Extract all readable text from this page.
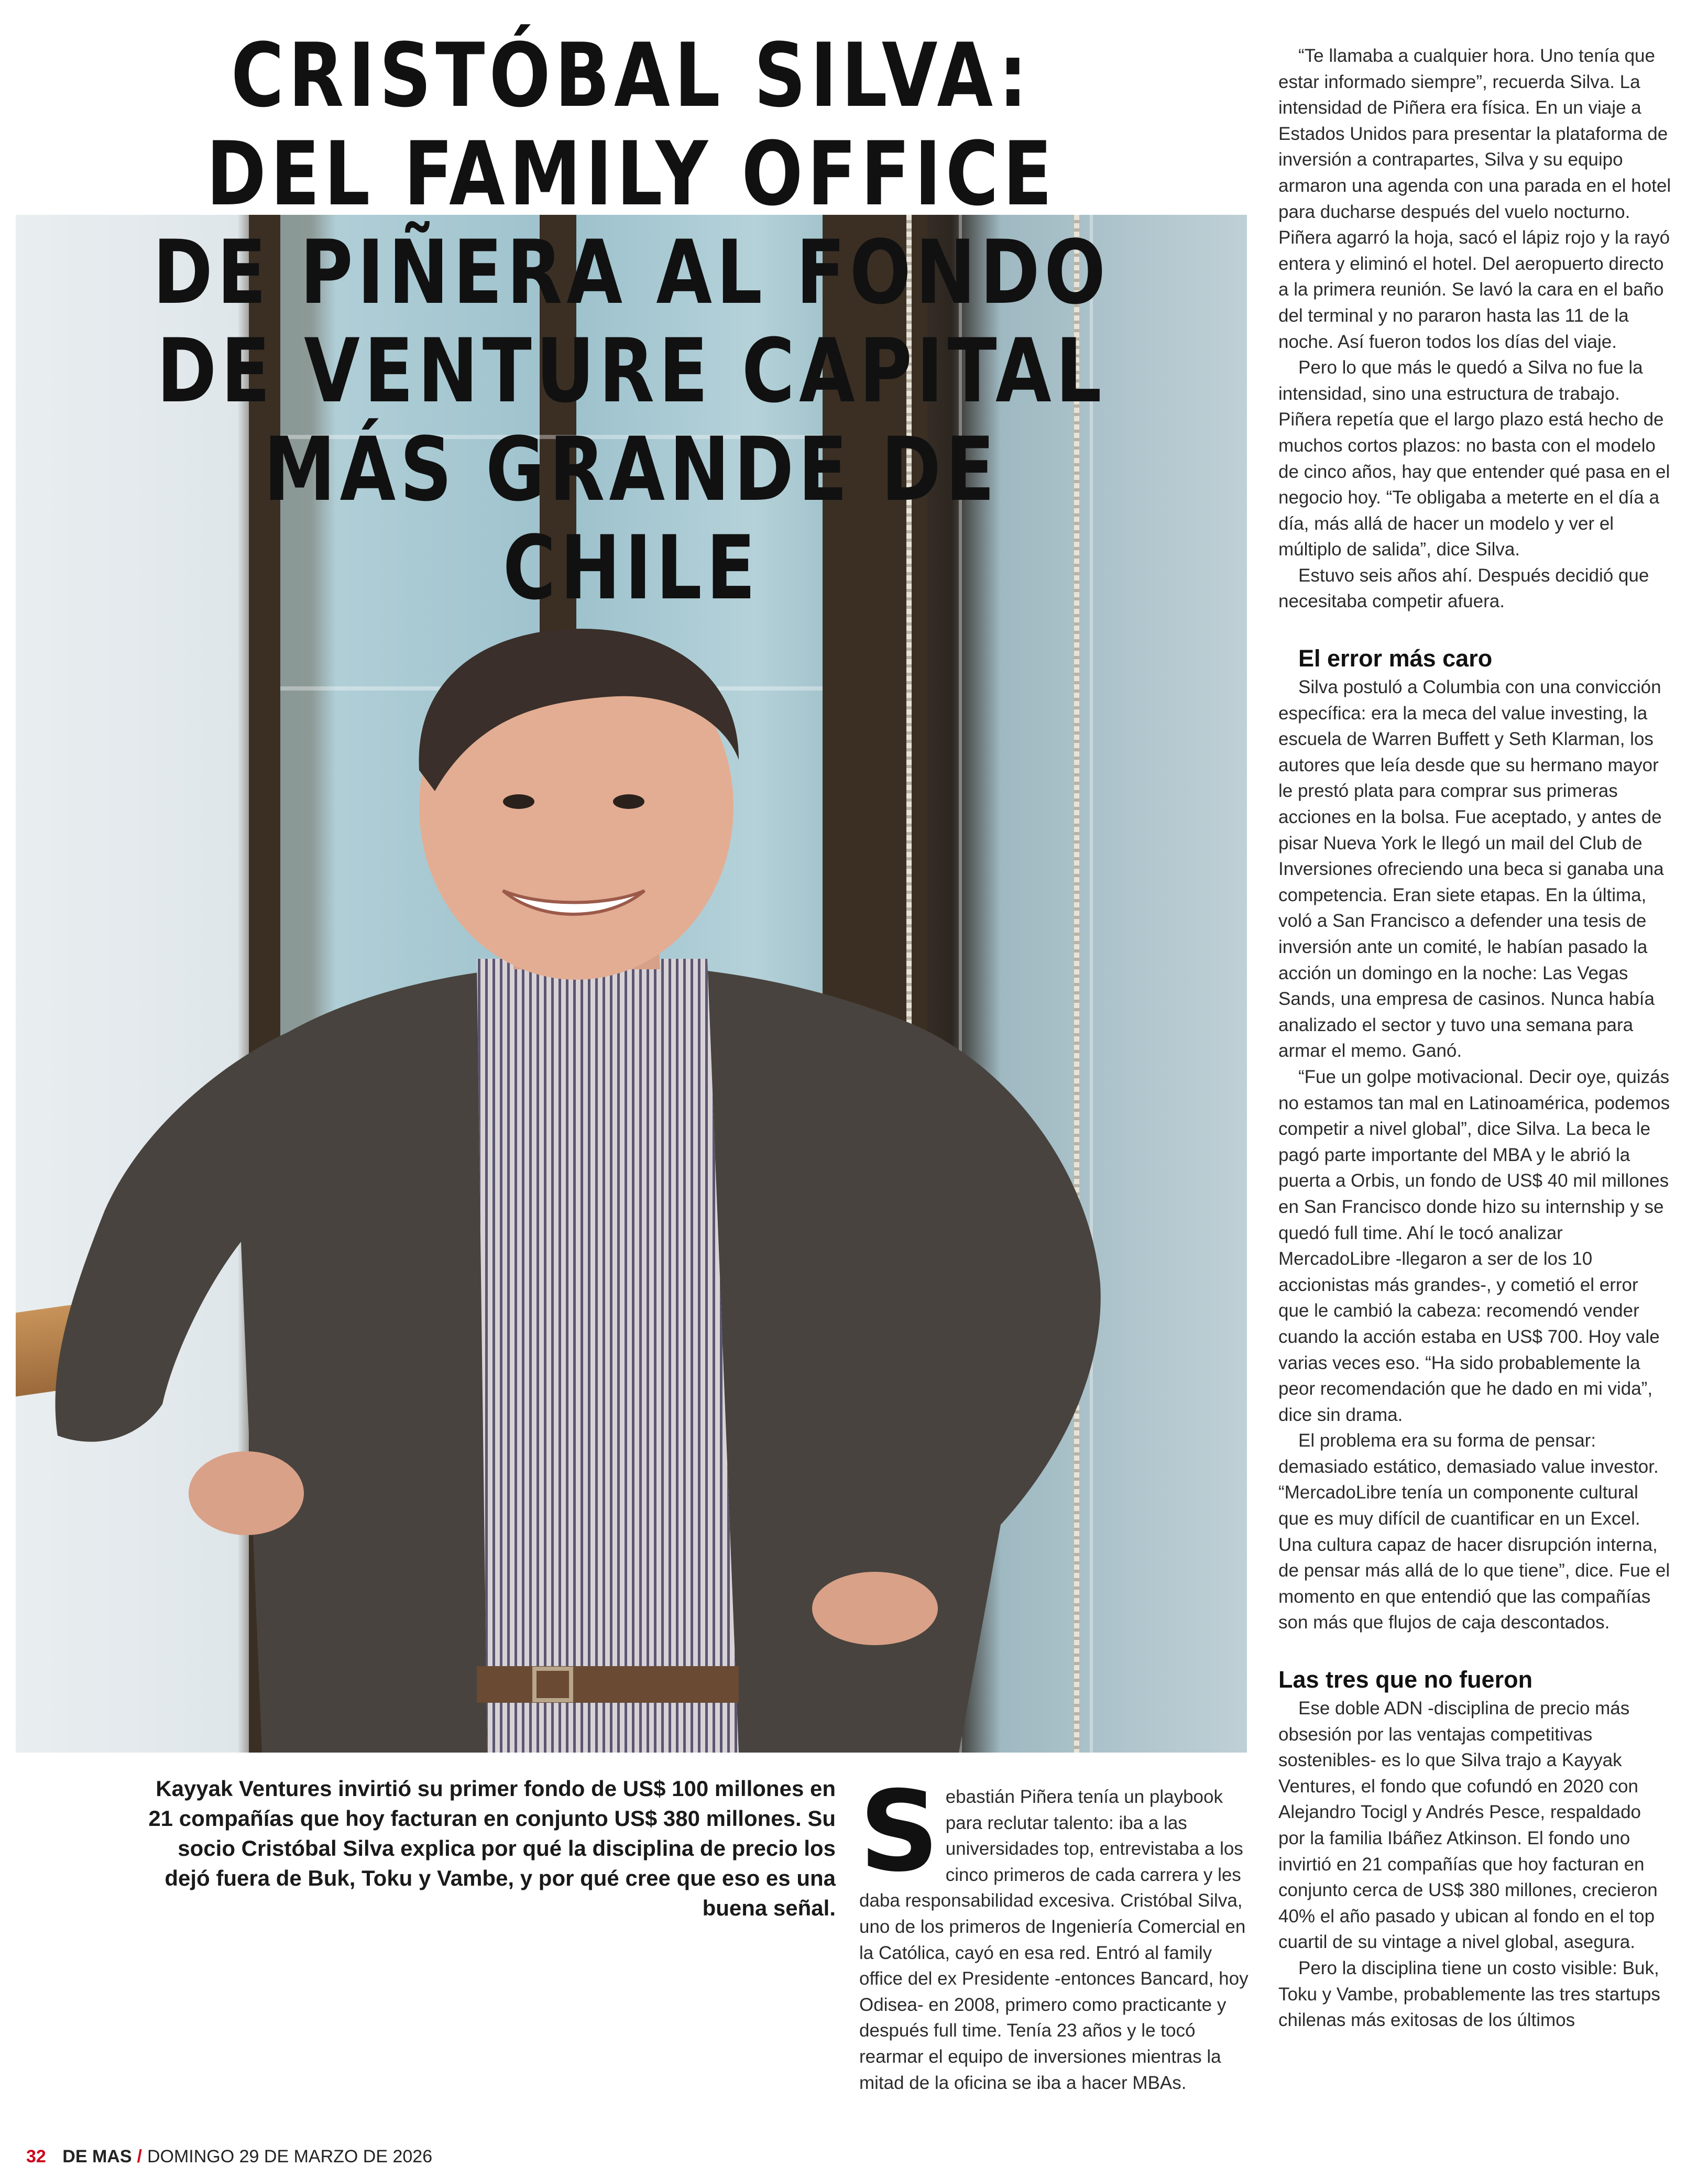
CRISTÓBAL SILVA: DEL FAMILY OFFICE DE PIÑERA AL FONDO DE VENTURE CAPITAL MÁS GRANDE DE CHILE

Kayyak Ventures invirtió su primer fondo de US$ 100 millones en 21 compañías que hoy facturan en conjunto US$ 380 millones. Su socio Cristóbal Silva explica por qué la disciplina de precio los dejó fuera de Buk, Toku y Vambe, y por qué cree que eso es una buena señal.

Sebastián Piñera tenía un playbook para reclutar talento: iba a las universidades top, entrevistaba a los cinco primeros de cada carrera y les daba responsabilidad excesiva. Cristóbal Silva, uno de los primeros de Ingeniería Comercial en la Católica, cayó en esa red. Entró al family office del ex Presidente -entonces Bancard, hoy Odisea- en 2008, primero como practicante y después full time. Tenía 23 años y le tocó rearmar el equipo de inversiones mientras la mitad de la oficina se iba a hacer MBAs.

“Te llamaba a cualquier hora. Uno tenía que estar informado siempre”, recuerda Silva. La intensidad de Piñera era física. En un viaje a Estados Unidos para presentar la plataforma de inversión a contrapartes, Silva y su equipo armaron una agenda con una parada en el hotel para ducharse después del vuelo nocturno. Piñera agarró la hoja, sacó el lápiz rojo y la rayó entera y eliminó el hotel. Del aeropuerto directo a la primera reunión. Se lavó la cara en el baño del terminal y no pararon hasta las 11 de la noche. Así fueron todos los días del viaje.

Pero lo que más le quedó a Silva no fue la intensidad, sino una estructura de trabajo. Piñera repetía que el largo plazo está hecho de muchos cortos plazos: no basta con el modelo de cinco años, hay que entender qué pasa en el negocio hoy. “Te obligaba a meterte en el día a día, más allá de hacer un modelo y ver el múltiplo de salida”, dice Silva.

Estuvo seis años ahí. Después decidió que necesitaba competir afuera.

El error más caro

Silva postuló a Columbia con una convicción específica: era la meca del value investing, la escuela de Warren Buffett y Seth Klarman, los autores que leía desde que su hermano mayor le prestó plata para comprar sus primeras acciones en la bolsa. Fue aceptado, y antes de pisar Nueva York le llegó un mail del Club de Inversiones ofreciendo una beca si ganaba una competencia. Eran siete etapas. En la última, voló a San Francisco a defender una tesis de inversión ante un comité, le habían pasado la acción un domingo en la noche: Las Vegas Sands, una empresa de casinos. Nunca había analizado el sector y tuvo una semana para armar el memo. Ganó.

“Fue un golpe motivacional. Decir oye, quizás no estamos tan mal en Latinoamérica, podemos competir a nivel global”, dice Silva. La beca le pagó parte importante del MBA y le abrió la puerta a Orbis, un fondo de US$ 40 mil millones en San Francisco donde hizo su internship y se quedó full time. Ahí le tocó analizar MercadoLibre -llegaron a ser de los 10 accionistas más grandes-, y cometió el error que le cambió la cabeza: recomendó vender cuando la acción estaba en US$ 700. Hoy vale varias veces eso. “Ha sido probablemente la peor recomendación que he dado en mi vida”, dice sin drama.

El problema era su forma de pensar: demasiado estático, demasiado value investor. “MercadoLibre tenía un componente cultural que es muy difícil de cuantificar en un Excel. Una cultura capaz de hacer disrupción interna, de pensar más allá de lo que tiene”, dice. Fue el momento en que entendió que las compañías son más que flujos de caja descontados.

Las tres que no fueron

Ese doble ADN -disciplina de precio más obsesión por las ventajas competitivas sostenibles- es lo que Silva trajo a Kayyak Ventures, el fondo que cofundó en 2020 con Alejandro Tocigl y Andrés Pesce, respaldado por la familia Ibáñez Atkinson. El fondo uno invirtió en 21 compañías que hoy facturan en conjunto cerca de US$ 380 millones, crecieron 40% el año pasado y ubican al fondo en el top cuartil de su vintage a nivel global, asegura.

Pero la disciplina tiene un costo visible: Buk, Toku y Vambe, probablemente las tres startups chilenas más exitosas de los últimos

32 DE MAS / DOMINGO 29 DE MARZO DE 2026
